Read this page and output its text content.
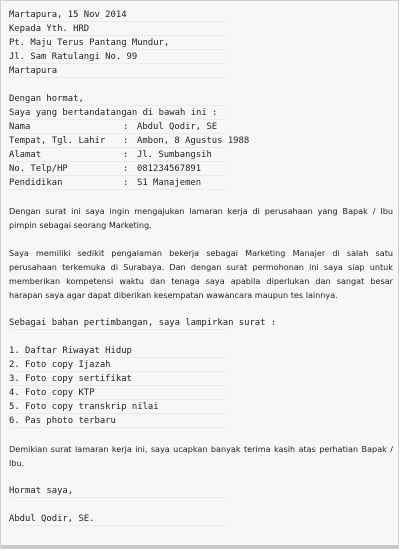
Martapura, 15 Nov 2014
Kepada Yth. HRD
Pt. Maju Terus Pantang Mundur,
Jl. Sam Ratulangi No. 99
Martapura
Dengan hormat,
Saya yang bertandatangan di bawah ini :
Nama	: Abdul Qodir, SE
Tempat, Tgl. Lahir	: Ambon, 8 Agustus 1988
Alamat	: Jl. Sumbangsih
No. Telp/HP	: 081234567891
Pendidikan	: S1 Manajemen
Dengan surat ini saya ingin mengajukan lamaran kerja di perusahaan yang Bapak / Ibu pimpin sebagai seorang Marketing.
Saya memiliki sedikit pengalaman bekerja sebagai Marketing Manajer di salah satu perusahaan terkemuka di Surabaya. Dan dengan surat permohonan ini saya siap untuk memberikan kompetensi waktu dan tenaga saya apabila diperlukan dan sangat besar harapan saya agar dapat diberikan kesempatan wawancara maupun tes lainnya.
Sebagai bahan pertimbangan, saya lampirkan surat :
1. Daftar Riwayat Hidup
2. Foto copy Ijazah
3. Foto copy sertifikat
4. Foto copy KTP
5. Foto copy transkrip nilai
6. Pas photo terbaru
Demikian surat lamaran kerja ini, saya ucapkan banyak terima kasih atas perhatian Bapak / Ibu.
Hormat saya,
Abdul Qodir, SE.
